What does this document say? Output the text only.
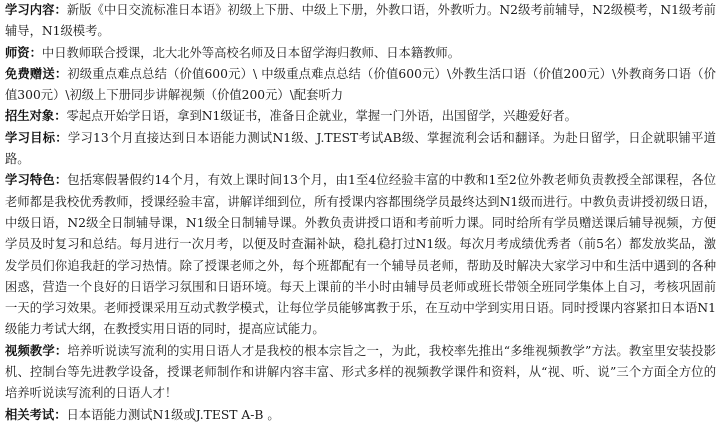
学习内容：新版《中日交流标准日本语》初级上下册、中级上下册，外教口语，外教听力。N2级考前辅导，N2级模考，N1级考前辅导，N1级模考。

师资：中日教师联合授课，北大北外等高校名师及日本留学海归教师、日本籍教师。

免费赠送：初级重点难点总结（价值600元）\ 中级重点难点总结（价值600元）\外教生活口语（价值200元）\外教商务口语（价值300元）\初级上下册同步讲解视频（价值200元）\配套听力

招生对象：零起点开始学日语，拿到N1级证书，准备日企就业，掌握一门外语，出国留学，兴趣爱好者。

学习目标：学习13个月直接达到日本语能力测试N1级、J.TEST考试AB级、掌握流利会话和翻译。为赴日留学，日企就职铺平道路。

学习特色：包括寒假暑假约14个月，有效上课时间13个月，由1至4位经验丰富的中教和1至2位外教老师负责教授全部课程，各位老师都是我校优秀教师，授课经验丰富，讲解详细到位，所有授课内容都围绕学员最终达到N1级而进行。中教负责讲授初级日语，中级日语，N2级全日制辅导课，N1级全日制辅导课。外教负责讲授口语和考前听力课。同时给所有学员赠送课后辅导视频，方便学员及时复习和总结。每月进行一次月考，以便及时查漏补缺，稳扎稳打过N1级。每次月考成绩优秀者（前5名）都发放奖品，激发学员们你追我赶的学习热情。除了授课老师之外，每个班都配有一个辅导员老师，帮助及时解决大家学习中和生活中遇到的各种困惑，营造一个良好的日语学习氛围和日语环境。每天上课前的半小时由辅导员老师或班长带领全班同学集体上自习，考核巩固前一天的学习效果。老师授课采用互动式教学模式，让每位学员能够寓教于乐，在互动中学到实用日语。同时授课内容紧扣日本语N1级能力考试大纲，在教授实用日语的同时，提高应试能力。

视频教学：培养听说读写流利的实用日语人才是我校的根本宗旨之一，为此，我校率先推出“多维视频教学”方法。教室里安装投影机、控制台等先进教学设备，授课老师制作和讲解内容丰富、形式多样的视频教学课件和资料，从“视、听、说”三个方面全方位的培养听说读写流利的日语人才！

相关考试：日本语能力测试N1级或J.TEST A-B 。
